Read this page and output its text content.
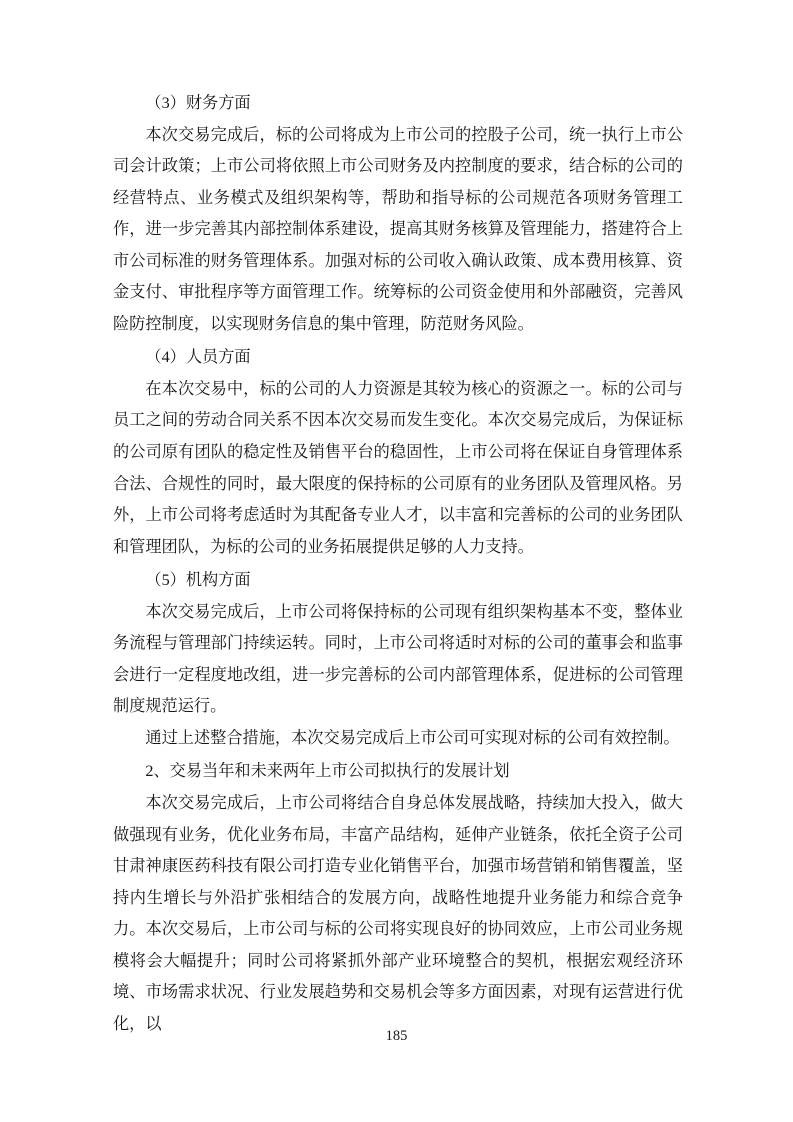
（3）财务方面

本次交易完成后，标的公司将成为上市公司的控股子公司，统一执行上市公司会计政策；上市公司将依照上市公司财务及内控制度的要求，结合标的公司的经营特点、业务模式及组织架构等，帮助和指导标的公司规范各项财务管理工作，进一步完善其内部控制体系建设，提高其财务核算及管理能力，搭建符合上市公司标准的财务管理体系。加强对标的公司收入确认政策、成本费用核算、资金支付、审批程序等方面管理工作。统筹标的公司资金使用和外部融资，完善风险防控制度，以实现财务信息的集中管理，防范财务风险。

（4）人员方面

在本次交易中，标的公司的人力资源是其较为核心的资源之一。标的公司与员工之间的劳动合同关系不因本次交易而发生变化。本次交易完成后，为保证标的公司原有团队的稳定性及销售平台的稳固性，上市公司将在保证自身管理体系合法、合规性的同时，最大限度的保持标的公司原有的业务团队及管理风格。另外，上市公司将考虑适时为其配备专业人才，以丰富和完善标的公司的业务团队和管理团队，为标的公司的业务拓展提供足够的人力支持。

（5）机构方面

本次交易完成后，上市公司将保持标的公司现有组织架构基本不变，整体业务流程与管理部门持续运转。同时，上市公司将适时对标的公司的董事会和监事会进行一定程度地改组，进一步完善标的公司内部管理体系，促进标的公司管理制度规范运行。

通过上述整合措施，本次交易完成后上市公司可实现对标的公司有效控制。

2、交易当年和未来两年上市公司拟执行的发展计划

本次交易完成后，上市公司将结合自身总体发展战略，持续加大投入，做大做强现有业务，优化业务布局，丰富产品结构，延伸产业链条，依托全资子公司甘肃神康医药科技有限公司打造专业化销售平台，加强市场营销和销售覆盖，坚持内生增长与外沿扩张相结合的发展方向，战略性地提升业务能力和综合竞争力。本次交易后，上市公司与标的公司将实现良好的协同效应，上市公司业务规模将会大幅提升；同时公司将紧抓外部产业环境整合的契机，根据宏观经济环境、市场需求状况、行业发展趋势和交易机会等多方面因素，对现有运营进行优化，以

185
